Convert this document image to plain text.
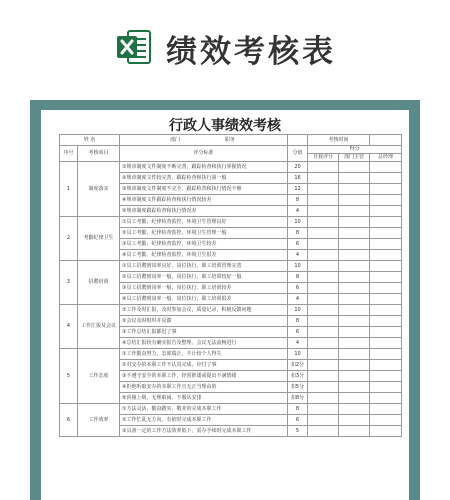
绩效考核表
行政人事绩效考核
姓 名		部门 职务		考核时间		
序号	考核项目	评分标准	分值	得分		
				自我评分	部门主管	总经理
1	制度落实	①规章制度文件制度不断完善，跟踪检查和执行掌握情况	20			
		②规章制度文件较完善，跟踪检查和执行第一般	16			
		③规章制度文件制度不完全，跟踪检查和执行情况不够	12			
		④规章制度文件跟踪检查和执行情况较差	8			
		⑤规章制度跟踪检查和执行情况差	4			
2	考勤纪律卫生	①员工考勤、纪律检查监控、环境卫生管理良好	10			
		②员工考勤、纪律检查监控、环境卫生管理一般	8			
		③员工考勤、纪律检查监控、环境卫生较差	6			
		④员工考勤、纪律检查监控、环境卫生很差	4			
3	招聘培训	①员工招聘到岗率良好，岗位执行、职工培训管理完善	10			
		②员工招聘到岗率一般，岗位执行、职工培训较好一般	8			
		③员工招聘到岗率一般，岗位执行、职工培训较差	6			
		④员工招聘到岗率一般，岗位执行、职工培训很差	4			
4	工作汇报及会议	①工作及时汇报，及时参加会议，质量记录，积极反馈问题	10			
		②会议及时组织并反馈	8			
		③工作总结汇报都迟了事	6			
		④总结汇报较有确实报告及整理，会议无法流畅进行	4			
5	工作态度	①工作勤奋努力，态度端正，不计较个人得失	10			
		②对交办的本职工作不认真完成，应付了事	扣2分			
		③不遵守安全的本职工作，经常推诿或提出不满情绪	扣3分			
		④拒绝听取安办的本职工作且无正当理由的	扣5分			
		⑤顶撞上级、无理取闹、不服从安排	扣8分			
6	工作效率	①方法灵活、勤奋踏实、敬业的完成本职工作	8			
		②工作忙乱无方向，有依时完成本职工作	6			
		③具备一定的工作方法效率低下，需办手续时完成本职工作	5			
